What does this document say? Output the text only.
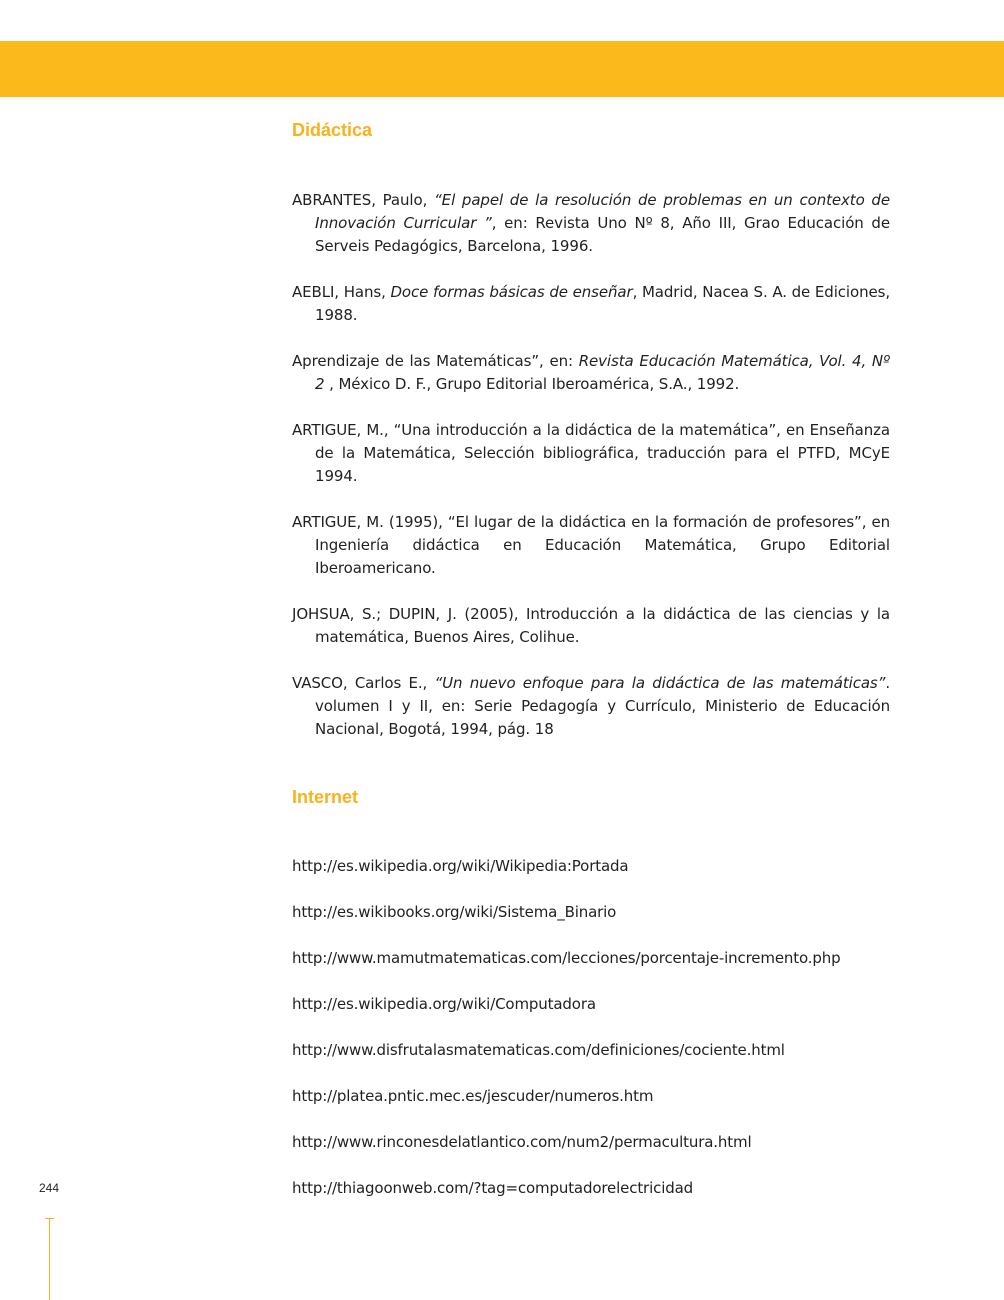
Didáctica
ABRANTES, Paulo, “El papel de la resolución de problemas en un contexto de Innovación Curricular ”, en: Revista Uno Nº 8, Año III, Grao Educación de Serveis Pedagógics, Barcelona, 1996.
AEBLI, Hans, Doce formas básicas de enseñar, Madrid, Nacea S. A. de Ediciones, 1988.
Aprendizaje de las Matemáticas”, en: Revista Educación Matemática, Vol. 4, Nº 2 , México D. F., Grupo Editorial Iberoamérica, S.A., 1992.
ARTIGUE, M., “Una introducción a la didáctica de la matemática”, en Enseñanza de la Matemática, Selección bibliográfica, traducción para el PTFD, MCyE 1994.
ARTIGUE, M. (1995), “El lugar de la didáctica en la formación de profesores”, en Ingeniería didáctica en Educación Matemática, Grupo Editorial Iberoamericano.
JOHSUA, S.; DUPIN, J. (2005), Introducción a la didáctica de las ciencias y la matemática, Buenos Aires, Colihue.
VASCO, Carlos E., “Un nuevo enfoque para la didáctica de las matemáticas”. volumen I y II, en: Serie Pedagogía y Currículo, Ministerio de Educación Nacional, Bogotá, 1994, pág. 18
Internet
http://es.wikipedia.org/wiki/Wikipedia:Portada
http://es.wikibooks.org/wiki/Sistema_Binario
http://www.mamutmatematicas.com/lecciones/porcentaje-incremento.php
http://es.wikipedia.org/wiki/Computadora
http://www.disfrutalasmatematicas.com/definiciones/cociente.html
http://platea.pntic.mec.es/jescuder/numeros.htm
http://www.rinconesdelatlantico.com/num2/permacultura.html
http://thiagoonweb.com/?tag=computadorelectricidad
244
